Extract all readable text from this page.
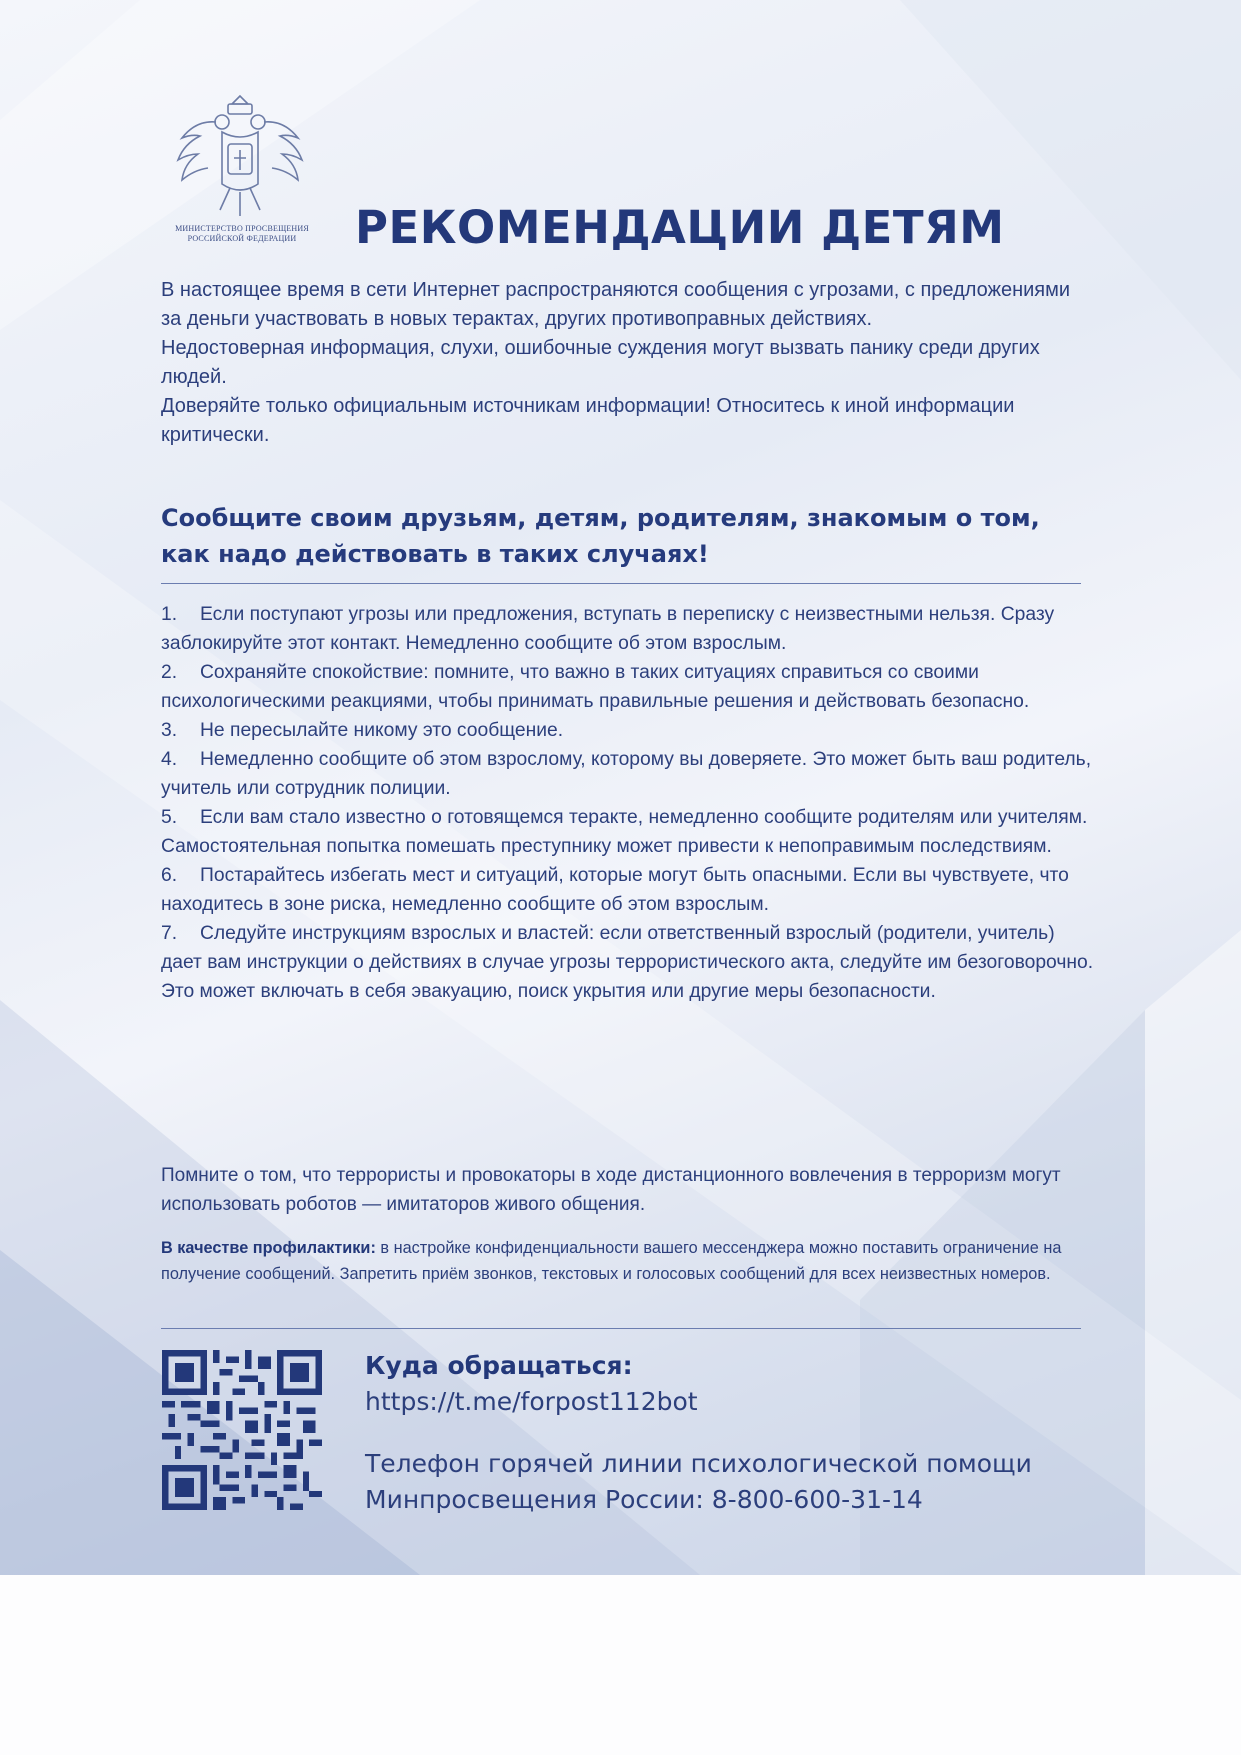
МИНИСТЕРСТВО ПРОСВЕЩЕНИЯ
РОССИЙСКОЙ ФЕДЕРАЦИИ	РЕКОМЕНДАЦИИ ДЕТЯМ

В настоящее время в сети Интернет распространяются сообщения с угрозами, с предложениями за деньги участвовать в новых терактах, других противоправных действиях.

Недостоверная информация, слухи, ошибочные суждения могут вызвать панику среди других людей.

Доверяйте только официальным источникам информации! Относитесь к иной информации критически.

Сообщите своим друзьям, детям, родителям, знакомым о том, как надо действовать в таких случаях!
1. Если поступают угрозы или предложения, вступать в переписку с неизвестными нельзя. Сразу заблокируйте этот контакт. Немедленно сообщите об этом взрослым.
2. Сохраняйте спокойствие: помните, что важно в таких ситуациях справиться со своими психологическими реакциями, чтобы принимать правильные решения и действовать безопасно.
3. Не пересылайте никому это сообщение.
4. Немедленно сообщите об этом взрослому, которому вы доверяете. Это может быть ваш родитель, учитель или сотрудник полиции.
5. Если вам стало известно о готовящемся теракте, немедленно сообщите родителям или учителям. Самостоятельная попытка помешать преступнику может привести к непоправимым последствиям.
6. Постарайтесь избегать мест и ситуаций, которые могут быть опасными. Если вы чувствуете, что находитесь в зоне риска, немедленно сообщите об этом взрослым.
7. Следуйте инструкциям взрослых и властей: если ответственный взрослый (родители, учитель) дает вам инструкции о действиях в случае угрозы террористического акта, следуйте им безоговорочно. Это может включать в себя эвакуацию, поиск укрытия или другие меры безопасности.

Помните о том, что террористы и провокаторы в ходе дистанционного вовлечения в терроризм могут использовать роботов — имитаторов живого общения.

В качестве профилактики: в настройке конфиденциальности вашего мессенджера можно поставить ограничение на получение сообщений. Запретить приём звонков, текстовых и голосовых сообщений для всех неизвестных номеров.

Куда обращаться:

https://t.me/forpost112bot

Телефон горячей линии психологической помощи
Минпросвещения России: 8-800-600-31-14
